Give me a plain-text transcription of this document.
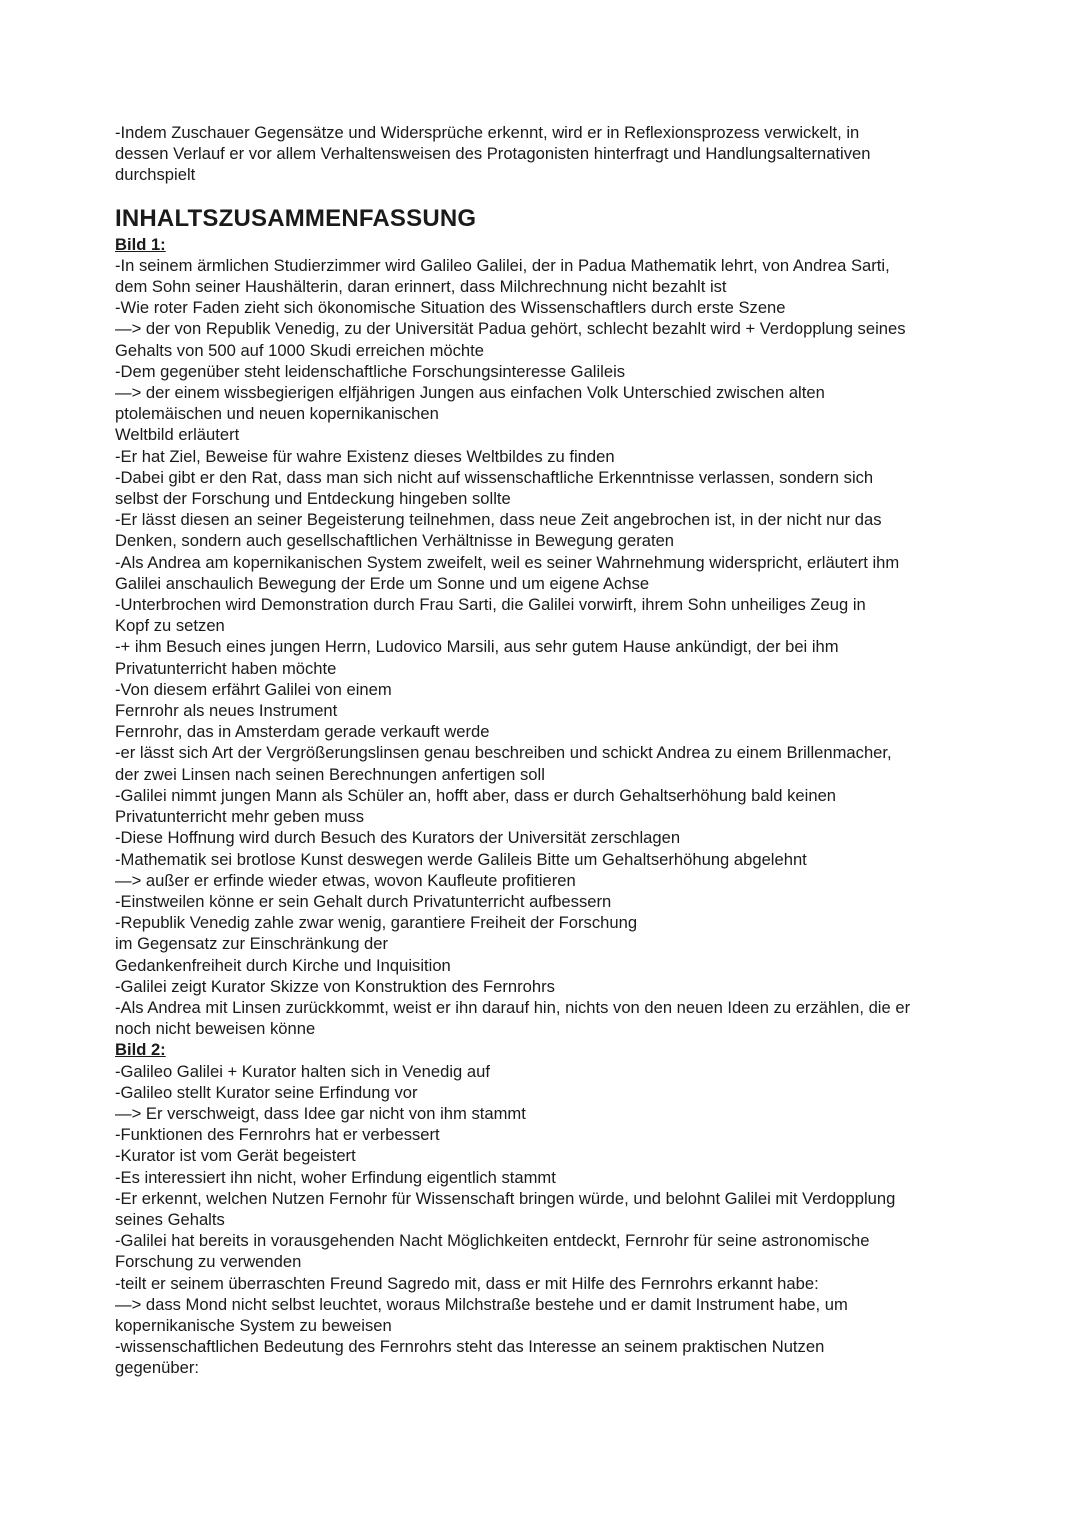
-Indem Zuschauer Gegensätze und Widersprüche erkennt, wird er in Reflexionsprozess verwickelt, in
dessen Verlauf er vor allem Verhaltensweisen des Protagonisten hinterfragt und Handlungsalternativen
durchspielt
INHALTSZUSAMMENFASSUNG
Bild 1:
-In seinem ärmlichen Studierzimmer wird Galileo Galilei, der in Padua Mathematik lehrt, von Andrea Sarti,
dem Sohn seiner Haushälterin, daran erinnert, dass Milchrechnung nicht bezahlt ist
-Wie roter Faden zieht sich ökonomische Situation des Wissenschaftlers durch erste Szene
—> der von Republik Venedig, zu der Universität Padua gehört, schlecht bezahlt wird + Verdopplung seines
Gehalts von 500 auf 1000 Skudi erreichen möchte
-Dem gegenüber steht leidenschaftliche Forschungsinteresse Galileis
—> der einem wissbegierigen elfjährigen Jungen aus einfachen Volk Unterschied zwischen alten
ptolemäischen und neuen kopernikanischen
Weltbild erläutert
-Er hat Ziel, Beweise für wahre Existenz dieses Weltbildes zu finden
-Dabei gibt er den Rat, dass man sich nicht auf wissenschaftliche Erkenntnisse verlassen, sondern sich
selbst der Forschung und Entdeckung hingeben sollte
-Er lässt diesen an seiner Begeisterung teilnehmen, dass neue Zeit angebrochen ist, in der nicht nur das
Denken, sondern auch gesellschaftlichen Verhältnisse in Bewegung geraten
-Als Andrea am kopernikanischen System zweifelt, weil es seiner Wahrnehmung widerspricht, erläutert ihm
Galilei anschaulich Bewegung der Erde um Sonne und um eigene Achse
-Unterbrochen wird Demonstration durch Frau Sarti, die Galilei vorwirft, ihrem Sohn unheiliges Zeug in
Kopf zu setzen
-+ ihm Besuch eines jungen Herrn, Ludovico Marsili, aus sehr gutem Hause ankündigt, der bei ihm
Privatunterricht haben möchte
-Von diesem erfährt Galilei von einem
Fernrohr als neues Instrument
Fernrohr, das in Amsterdam gerade verkauft werde
-er lässt sich Art der Vergrößerungslinsen genau beschreiben und schickt Andrea zu einem Brillenmacher,
der zwei Linsen nach seinen Berechnungen anfertigen soll
-Galilei nimmt jungen Mann als Schüler an, hofft aber, dass er durch Gehaltserhöhung bald keinen
Privatunterricht mehr geben muss
-Diese Hoffnung wird durch Besuch des Kurators der Universität zerschlagen
-Mathematik sei brotlose Kunst deswegen werde Galileis Bitte um Gehaltserhöhung abgelehnt
—> außer er erfinde wieder etwas, wovon Kaufleute profitieren
-Einstweilen könne er sein Gehalt durch Privatunterricht aufbessern
-Republik Venedig zahle zwar wenig, garantiere Freiheit der Forschung
im Gegensatz zur Einschränkung der
Gedankenfreiheit durch Kirche und Inquisition
-Galilei zeigt Kurator Skizze von Konstruktion des Fernrohrs
-Als Andrea mit Linsen zurückkommt, weist er ihn darauf hin, nichts von den neuen Ideen zu erzählen, die er
noch nicht beweisen könne
Bild 2:
-Galileo Galilei + Kurator halten sich in Venedig auf
-Galileo stellt Kurator seine Erfindung vor
—> Er verschweigt, dass Idee gar nicht von ihm stammt
-Funktionen des Fernrohrs hat er verbessert
-Kurator ist vom Gerät begeistert
-Es interessiert ihn nicht, woher Erfindung eigentlich stammt
-Er erkennt, welchen Nutzen Fernohr für Wissenschaft bringen würde, und belohnt Galilei mit Verdopplung
seines Gehalts
-Galilei hat bereits in vorausgehenden Nacht Möglichkeiten entdeckt, Fernrohr für seine astronomische
Forschung zu verwenden
-teilt er seinem überraschten Freund Sagredo mit, dass er mit Hilfe des Fernrohrs erkannt habe:
—> dass Mond nicht selbst leuchtet, woraus Milchstraße bestehe und er damit Instrument habe, um
kopernikanische System zu beweisen
-wissenschaftlichen Bedeutung des Fernrohrs steht das Interesse an seinem praktischen Nutzen
gegenüber:
